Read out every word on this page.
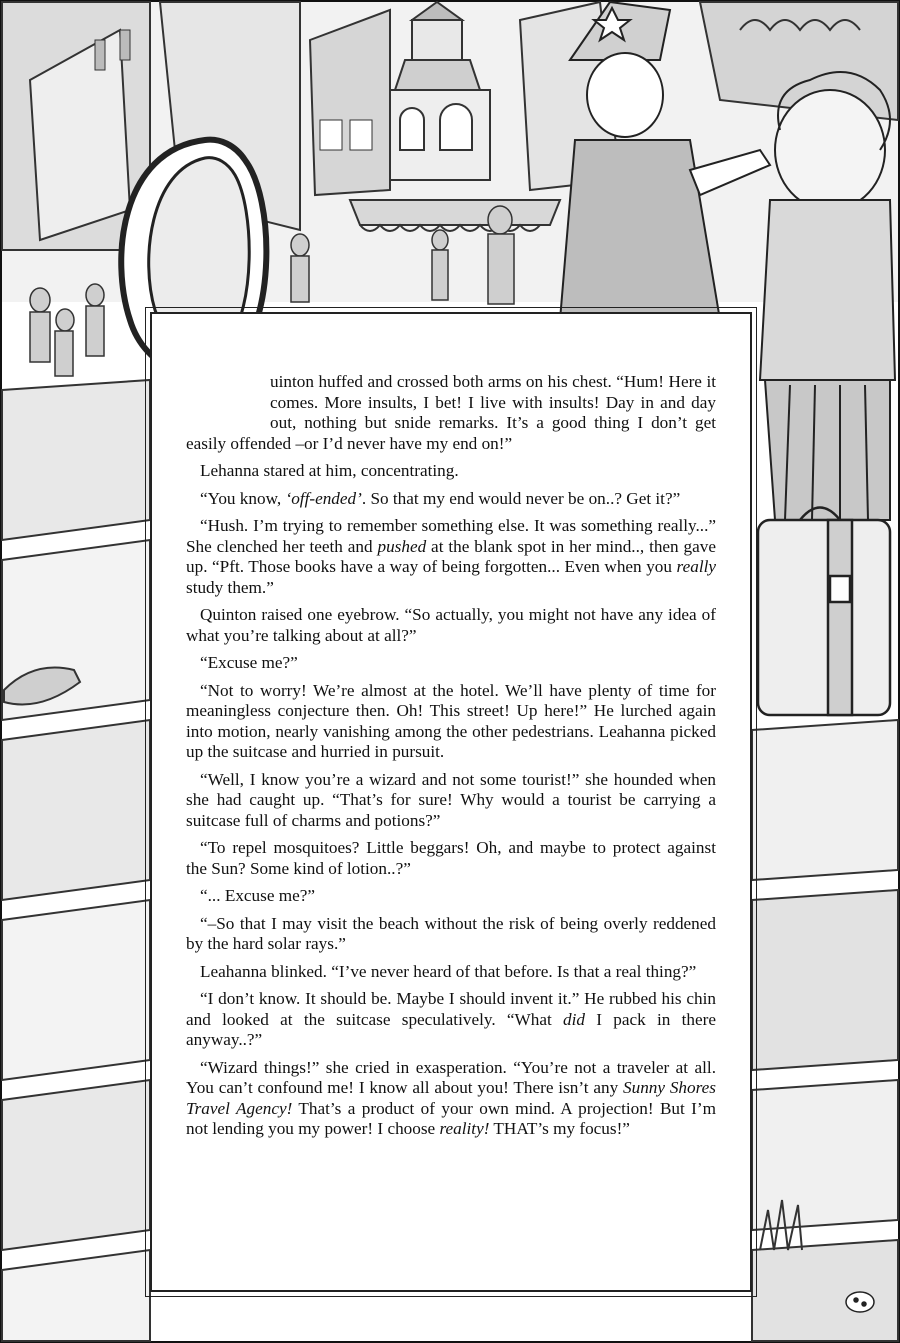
uinton huffed and crossed both arms on his chest. “Hum! Here it comes. More insults, I bet! I live with insults! Day in and day out, nothing but snide remarks. It’s a good thing I don’t get easily offended –or I’d never have my end on!”

Lehanna stared at him, concentrating.

“You know, ‘off-ended’. So that my end would never be on..? Get it?”

“Hush. I’m trying to remember something else. It was something really...” She clenched her teeth and pushed at the blank spot in her mind.., then gave up. “Pft. Those books have a way of being forgotten... Even when you really study them.”

Quinton raised one eyebrow. “So actually, you might not have any idea of what you’re talking about at all?”

“Excuse me?”

“Not to worry! We’re almost at the hotel. We’ll have plenty of time for meaningless conjecture then. Oh! This street! Up here!” He lurched again into motion, nearly vanishing among the other pedestrians. Leahanna picked up the suitcase and hurried in pursuit.

“Well, I know you’re a wizard and not some tourist!” she hounded when she had caught up. “That’s for sure! Why would a tourist be carrying a suitcase full of charms and potions?”

“To repel mosquitoes? Little beggars! Oh, and maybe to protect against the Sun? Some kind of lotion..?”

“... Excuse me?”

“–So that I may visit the beach without the risk of being overly reddened by the hard solar rays.”

Leahanna blinked. “I’ve never heard of that before. Is that a real thing?”

“I don’t know. It should be. Maybe I should invent it.” He rubbed his chin and looked at the suitcase speculatively. “What did I pack in there anyway..?”

“Wizard things!” she cried in exasperation. “You’re not a traveler at all. You can’t confound me! I know all about you! There isn’t any Sunny Shores Travel Agency! That’s a product of your own mind. A projection! But I’m not lending you my power! I choose reality! THAT’s my focus!”
